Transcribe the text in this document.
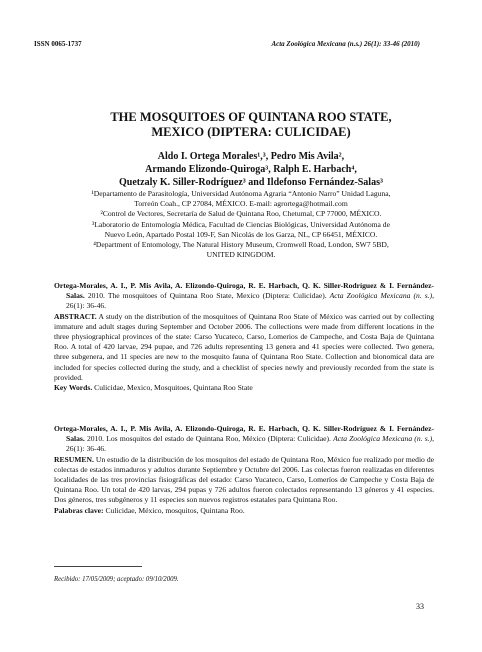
ISSN 0065-1737	Acta Zoológica Mexicana (n.s.) 26(1): 33-46 (2010)
THE MOSQUITOES OF QUINTANA ROO STATE,
MEXICO (DIPTERA: CULICIDAE)
Aldo I. Ortega Morales¹,³, Pedro Mis Avila²,
Armando Elizondo-Quiroga³, Ralph E. Harbach⁴,
Quetzaly K. Siller-Rodríguez³ and Ildefonso Fernández-Salas³
¹Departamento de Parasitología, Universidad Autónoma Agraria “Antonio Narro” Unidad Laguna,
Torreón Coah., CP 27084, MÉXICO. E-mail: agrortega@hotmail.com
²Control de Vectores, Secretaría de Salud de Quintana Roo, Chetumal, CP 77000, MÉXICO.
³Laboratorio de Entomología Médica, Facultad de Ciencias Biológicas, Universidad Autónoma de
Nuevo León, Apartado Postal 109-F, San Nicolás de los Garza, NL, CP 66451, MÉXICO.
⁴Department of Entomology, The Natural History Museum, Cromwell Road, London, SW7 5BD,
UNITED KINGDOM.
Ortega-Morales, A. I., P. Mis Avila, A. Elizondo-Quiroga, R. E. Harbach, Q. K. Siller-Rodríguez & I. Fernández-Salas. 2010. The mosquitoes of Quintana Roo State, Mexico (Diptera: Culicidae). Acta Zoológica Mexicana (n. s.), 26(1): 36-46.
ABSTRACT. A study on the distribution of the mosquitoes of Quintana Roo State of México was carried out by collecting immature and adult stages during September and October 2006. The collections were made from different locations in the three physiographical provinces of the state: Carso Yucateco, Carso, Lomerios de Campeche, and Costa Baja de Quintana Roo. A total of 420 larvae, 294 pupae, and 726 adults representing 13 genera and 41 species were collected. Two genera, three subgenera, and 11 species are new to the mosquito fauna of Quintana Roo State. Collection and bionomical data are included for species collected during the study, and a checklist of species newly and previously recorded from the state is provided.
Key Words. Culicidae, Mexico, Mosquitoes, Quintana Roo State
Ortega-Morales, A. I., P. Mis Avila, A. Elizondo-Quiroga, R. E. Harbach, Q. K. Siller-Rodríguez & I. Fernández-Salas. 2010. Los mosquitos del estado de Quintana Roo, México (Diptera: Culicidae). Acta Zoológica Mexicana (n. s.), 26(1): 36-46.
RESUMEN. Un estudio de la distribución de los mosquitos del estado de Quintana Roo, México fue realizado por medio de colectas de estados inmaduros y adultos durante Septiembre y Octubre del 2006. Las colectas fueron realizadas en diferentes localidades de las tres provincias fisiográficas del estado: Carso Yucateco, Carso, Lomeríos de Campeche y Costa Baja de Quintana Roo. Un total de 420 larvas, 294 pupas y 726 adultos fueron colectados representando 13 géneros y 41 especies. Dos géneros, tres subgéneros y 11 especies son nuevos registros estatales para Quintana Roo.
Palabras clave: Culicidae, México, mosquitos, Quintana Roo.
Recibido: 17/05/2009; aceptado: 09/10/2009.
33
